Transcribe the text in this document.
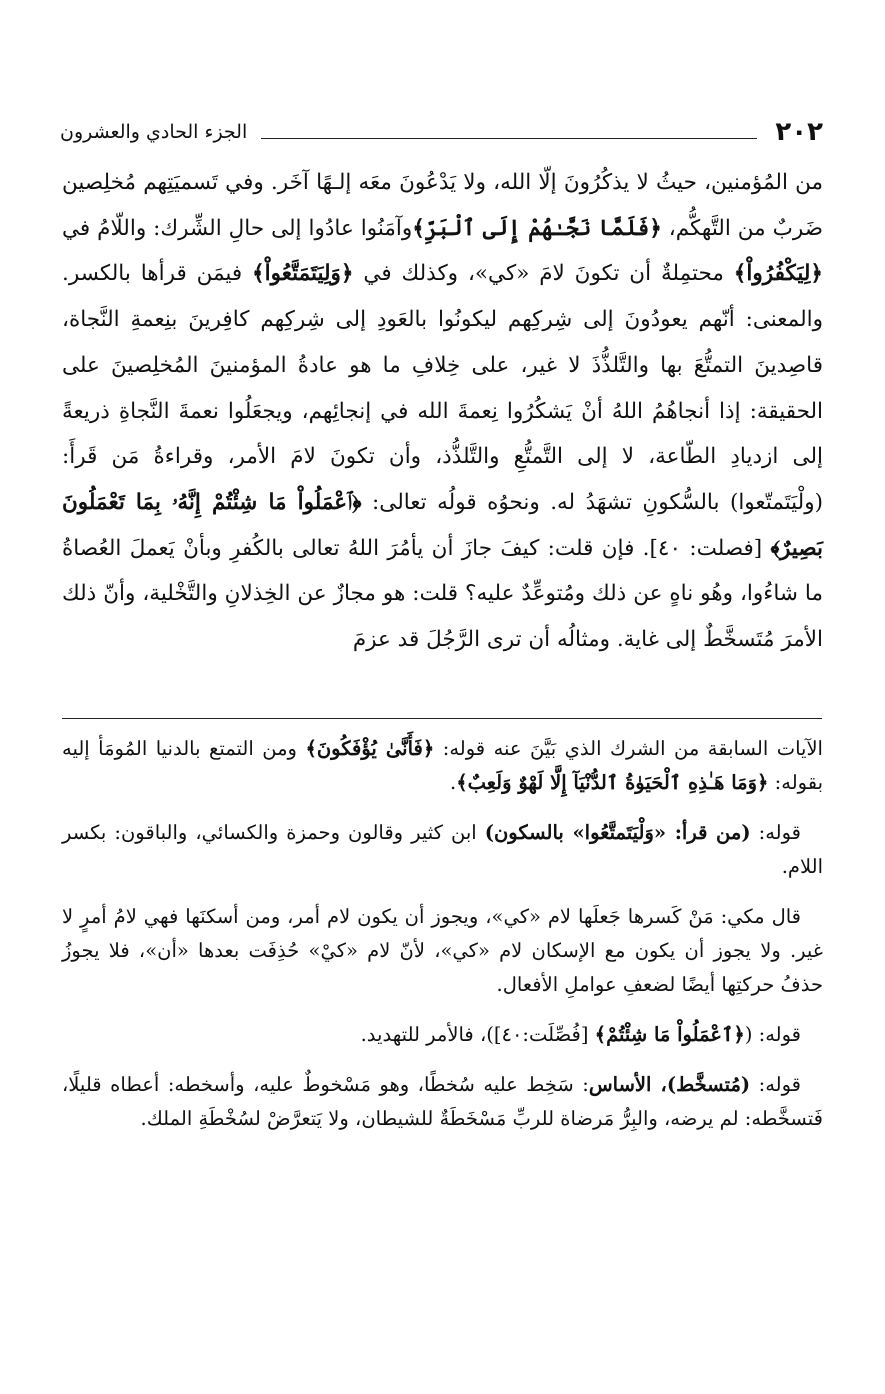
٢٠٢
الجزء الحادي والعشرون

من المُؤمنين، حيثُ لا يذكُرُونَ إلّا الله، ولا يَدْعُونَ معَه إلـهًا آخَر. وفي تَسميَتِهم مُخلِصين ضَربٌ من التَّهكُّم، ﴿فَلَمَّا نَجَّـٰهُمْ إِلَى ٱلْبَرِّ﴾وآمَنُوا عادُوا إلى حالِ الشِّرك: واللّامُ في ﴿لِيَكْفُرُواْ﴾ محتمِلةٌ أن تكونَ لامَ «كي»، وكذلك في ﴿وَلِيَتَمَتَّعُواْ﴾ فيمَن قرأها بالكسر. والمعنى: أنّهم يعودُونَ إلى شِركِهم ليكونُوا بالعَودِ إلى شِركِهم كافِرينَ بنِعمةِ النَّجاة، قاصِدينَ التمتُّعَ بها والتَّلذُّذَ لا غير، على خِلافِ ما هو عادةُ المؤمنينَ المُخلِصينَ على الحقيقة: إذا أنجاهُمُ اللهُ أنْ يَشكُرُوا نِعمةَ الله في إنجائِهم، ويجعَلُوا نعمةَ النَّجاةِ ذريعةً إلى ازديادِ الطّاعة، لا إلى التَّمتُّعِ والتَّلذُّذ، وأن تكونَ لامَ الأمر، وقراءةُ مَن قَرأَ: (ولْيَتَمتّعوا) بالسُّكونِ تشهَدُ له. ونحوُه قولُه تعالى: ﴿ٱعْمَلُواْ مَا شِئْتُمْ إِنَّهُۥ بِمَا تَعْمَلُونَ بَصِيرٌ﴾ [فصلت: ٤٠]. فإن قلت: كيفَ جازَ أن يأمُرَ اللهُ تعالى بالكُفرِ وبأنْ يَعملَ العُصاةُ ما شاءُوا، وهُو ناهٍ عن ذلك ومُتوعِّدٌ عليه؟ قلت: هو مجازٌ عن الخِذلانِ والتَّخْلية، وأنّ ذلك الأمرَ مُتَسخَّطٌ إلى غاية. ومثالُه أن ترى الرَّجُلَ قد عزمَ

الآيات السابقة من الشرك الذي بَيَّنَ عنه قوله: ﴿فَأَنَّىٰ يُؤْفَكُونَ﴾ ومن التمتع بالدنيا المُومَأ إليه بقوله: ﴿وَمَا هَـٰذِهِ ٱلْحَيَوٰةُ ٱلدُّنْيَآ إِلَّا لَهْوٌ وَلَعِبٌ﴾.

قوله: (من قرأ: «وَلْيَتَمتَّعُوا» بالسكون) ابن كثير وقالون وحمزة والكسائي، والباقون: بكسر اللام.

قال مكي: مَنْ كَسرها جَعلَها لام «كي»، ويجوز أن يكون لام أمر، ومن أسكنَها فهي لامُ أمرٍ لا غير. ولا يجوز أن يكون مع الإسكان لام «كي»، لأنّ لام «كيْ» حُذِفَت بعدها «أن»، فلا يجوزُ حذفُ حركتِها أيضًا لضعفِ عواملِ الأفعال.

قوله: (﴿ٱعْمَلُواْ مَا شِئْتُمْ﴾ [فُصِّلَت:٤٠])، فالأمر للتهديد.

قوله: (مُتسخَّط)، الأساس: سَخِط عليه سُخطًا، وهو مَسْخوطٌ عليه، وأسخطه: أعطاه قليلًا، فَتسخَّطه: لم يرضه، والبِرُّ مَرضاة للربِّ مَسْخَطَةٌ للشيطان، ولا يَتعرَّضْ لسُخْطَةِ الملك.
